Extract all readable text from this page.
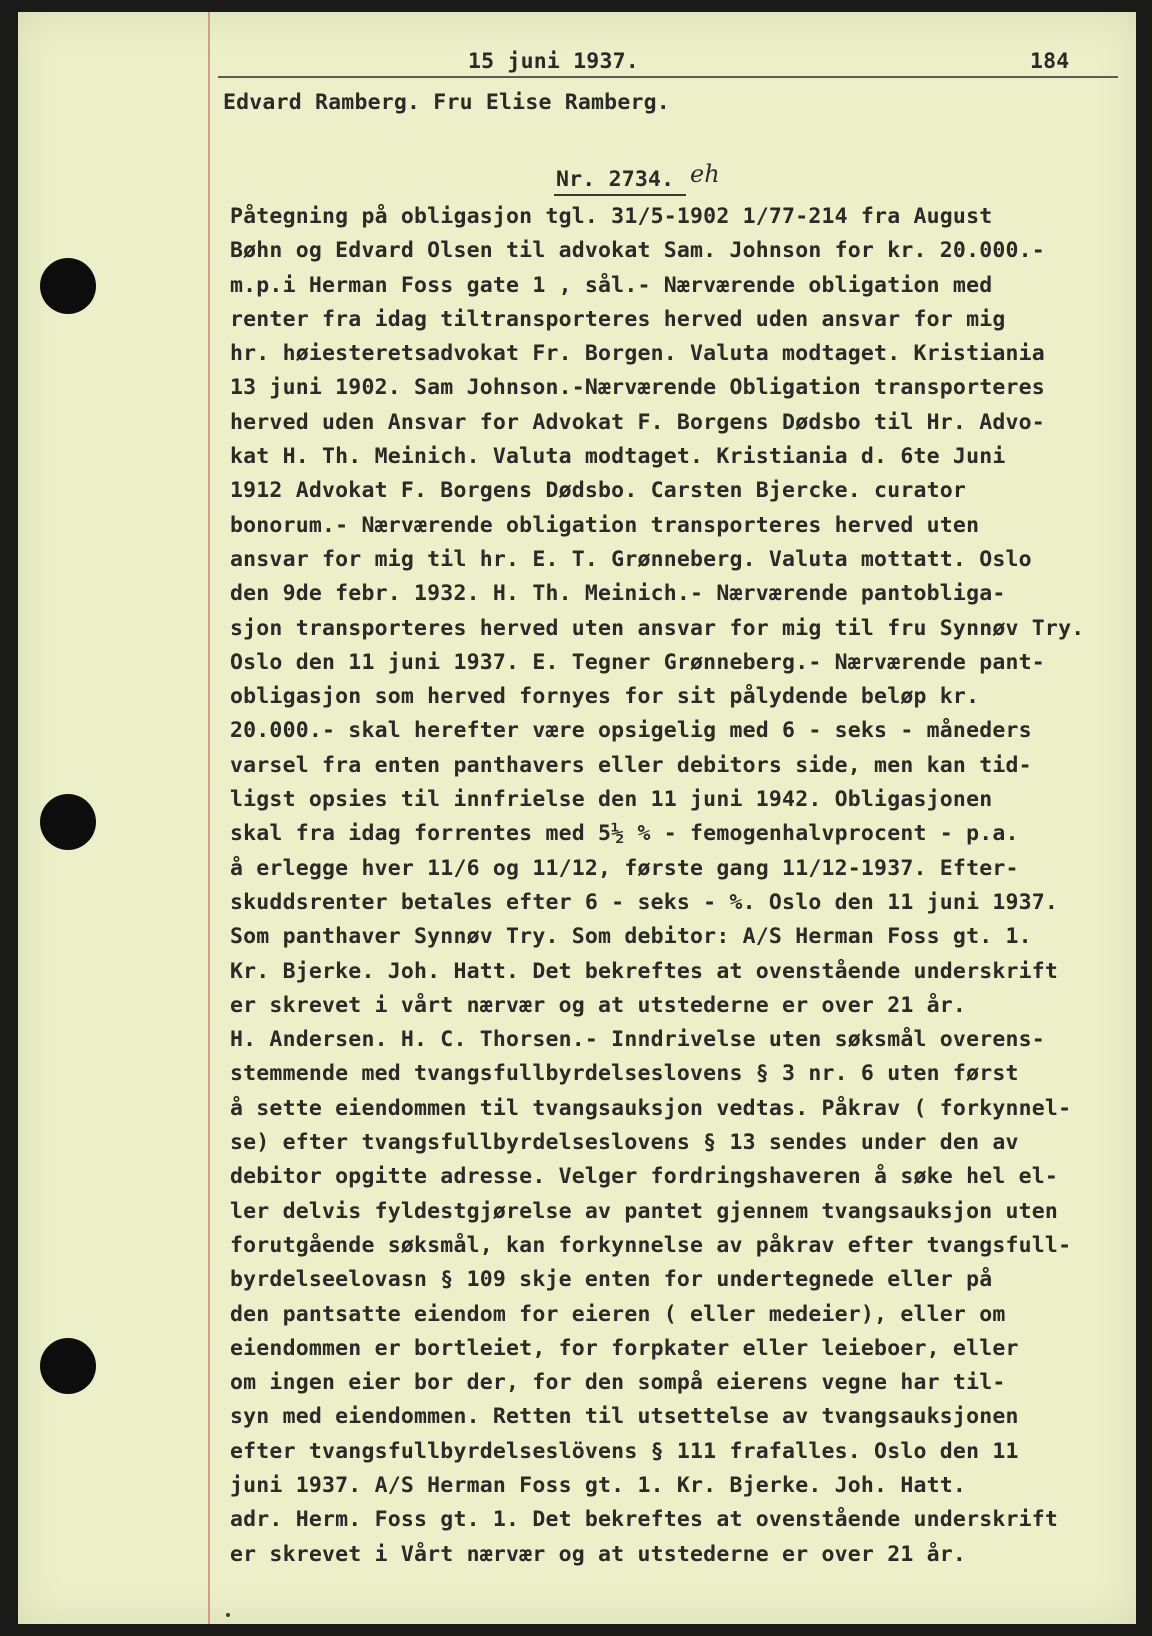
15 juni 1937.	184
Edvard Ramberg. Fru Elise Ramberg.
Nr. 2734. eh
Påtegning på obligasjon tgl. 31/5-1902 1/77-214 fra August
Bøhn og Edvard Olsen til advokat Sam. Johnson for kr. 20.000.-
m.p.i Herman Foss gate 1 , sål.- Nærværende obligation med
renter fra idag tiltransporteres herved uden ansvar for mig
hr. høiesteretsadvokat Fr. Borgen. Valuta modtaget. Kristiania
13 juni 1902. Sam Johnson.-Nærværende Obligation transporteres
herved uden Ansvar for Advokat F. Borgens Dødsbo til Hr. Advo-
kat H. Th. Meinich. Valuta modtaget. Kristiania d. 6te Juni
1912 Advokat F. Borgens Dødsbo. Carsten Bjercke. curator
bonorum.- Nærværende obligation transporteres herved uten
ansvar for mig til hr. E. T. Grønneberg. Valuta mottatt. Oslo
den 9de febr. 1932. H. Th. Meinich.- Nærværende pantobliga-
sjon transporteres herved uten ansvar for mig til fru Synnøv Try.
Oslo den 11 juni 1937. E. Tegner Grønneberg.- Nærværende pant-
obligasjon som herved fornyes for sit pålydende beløp kr.
20.000.- skal herefter være opsigelig med 6 - seks - måneders
varsel fra enten panthavers eller debitors side, men kan tid-
ligst opsies til innfrielse den 11 juni 1942. Obligasjonen
skal fra idag forrentes med 5½ % - femogenhalvprocent - p.a.
å erlegge hver 11/6 og 11/12, første gang 11/12-1937. Efter-
skuddsrenter betales efter 6 - seks - %. Oslo den 11 juni 1937.
Som panthaver Synnøv Try. Som debitor: A/S Herman Foss gt. 1.
Kr. Bjerke. Joh. Hatt. Det bekreftes at ovenstående underskrift
er skrevet i vårt nærvær og at utstederne er over 21 år.
H. Andersen. H. C. Thorsen.- Inndrivelse uten søksmål overens-
stemmende med tvangsfullbyrdelseslovens § 3 nr. 6 uten først
å sette eiendommen til tvangsauksjon vedtas. Påkrav ( forkynnel-
se) efter tvangsfullbyrdelseslovens § 13 sendes under den av
debitor opgitte adresse. Velger fordringshaveren å søke hel el-
ler delvis fyldestgjørelse av pantet gjennem tvangsauksjon uten
forutgående søksmål, kan forkynnelse av påkrav efter tvangsfull-
byrdelseelovasn § 109 skje enten for undertegnede eller på
den pantsatte eiendom for eieren ( eller medeier), eller om
eiendommen er bortleiet, for forpkater eller leieboer, eller
om ingen eier bor der, for den sompå eierens vegne har til-
syn med eiendommen. Retten til utsettelse av tvangsauksjonen
efter tvangsfullbyrdelseslövens § 111 frafalles. Oslo den 11
juni 1937. A/S Herman Foss gt. 1. Kr. Bjerke. Joh. Hatt.
adr. Herm. Foss gt. 1. Det bekreftes at ovenstående underskrift
er skrevet i Vårt nærvær og at utstederne er over 21 år.
